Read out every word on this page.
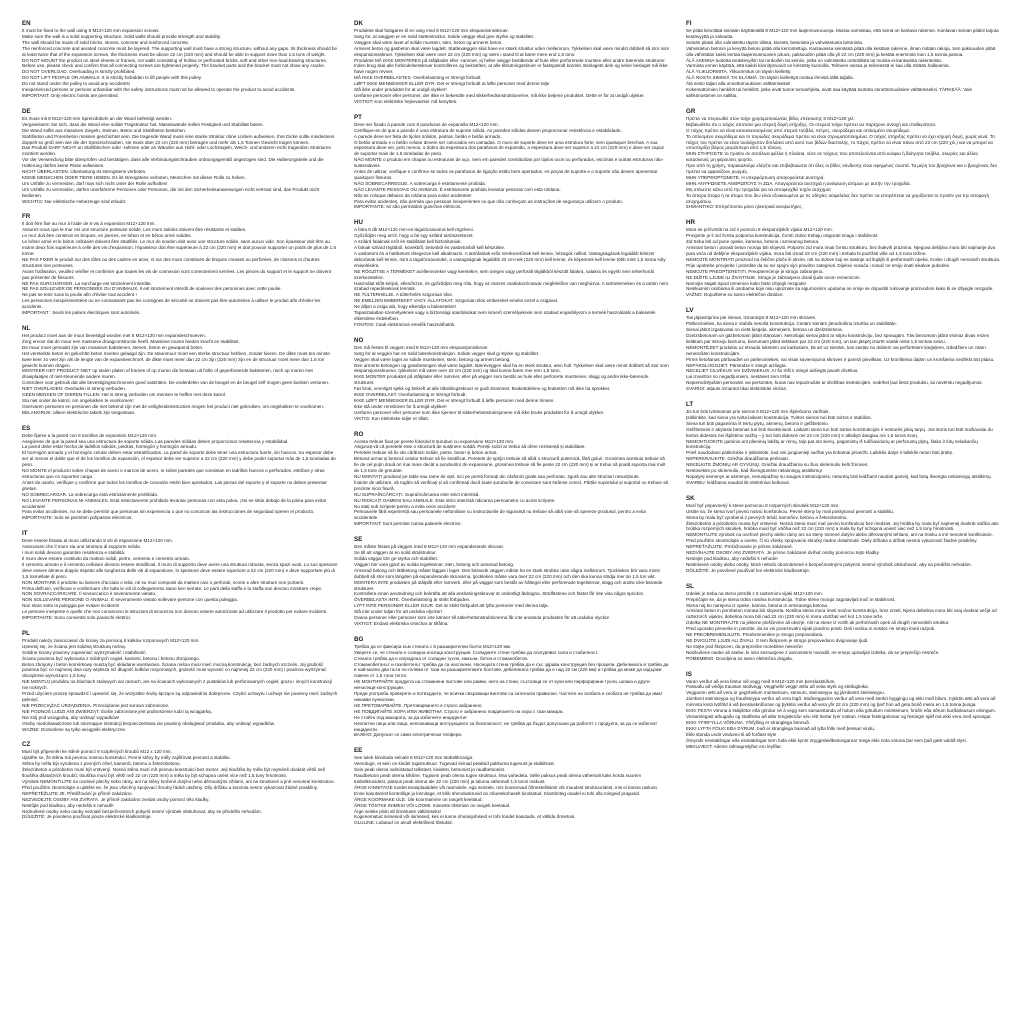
EN
It must be fixed to the wall using 8 M12×120 mm expansion screws.
Make sure the wall is a solid supporting structure. Solid walls should provide strength and stability.
The wall should be made of solid bricks, stones, concrete and reinforced concrete.
The reinforced concrete and aerated concrete must be layered. The supporting wall must have a strong structure, without any gaps. Its thickness should be at least twice that of the expansion screws, the thickness must be above 22 cm (220 mm) and should be able to support more than 1.5 tons of weight.
DO NOT MOUNT the product on steel sheets or frames, nor walls consisting of hollow or perforated bricks, soft and other non-load-bearing structures.
Before use, please check and confirm that all connecting screws are tightened properly. The bracket parts and the bracket must not show any cracks.
DO NOT OVERLOAD. Overloading is strictly prohibited.
DO NOT LIFT PEOPLE OR ANIMALS. It is strictly forbidden to lift people with this pulley.
Do not stand under the pulley to avoid any accidents!
Inexperienced persons or persons unfamiliar with the safety instructions must not be allowed to operate the product to avoid accidents.
IMPORTANT: Only electric hoists are permitted.
DE
Es muss mit 8 M12×120 mm Spreizdübeln an der Wand befestigt werden.
Vergewissern Sie sich, dass die Wand eine solide Tragstruktur hat. Massivwände sollen Festigkeit und Stabilität bieten.
Die Wand sollte aus massiven Ziegeln, Steinen, Beton und Stahlbeton bestehen.
Stahlbeton und Porenbeton müssen geschichtet sein. Die tragende Wand muss eine starke Struktur ohne Lücken aufweisen. Ihre Dicke sollte mindestens doppelt so groß sein wie die der Spreizschrauben, sie muss über 22 cm (220 mm) betragen und mehr als 1,5 Tonnen Gewicht tragen können.
Das Produkt DARF NICHT an Stahlblechen oder -rahmen oder an Wänden aus Hohl- oder Lochziegeln, Weich- und anderen nicht tragenden Strukturen montiert werden.
Vor der Verwendung bitte überprüfen und bestätigen, dass alle Verbindungsschrauben ordnungsgemäß angezogen sind. Die Halterungsteile und die Halterung dürfen keine Risse aufweisen.
NICHT ÜBERLASTEN. Überlastung ist strengstens verboten.
KEINE MENSCHEN ODER TIERE HEBEN. Es ist strengstens verboten, Menschen mit dieser Rolle zu heben.
Um Unfälle zu vermeiden, darf man sich nicht unter der Rolle aufhalten!
Um Unfälle zu vermeiden, dürfen unerfahrene Personen oder Personen, die mit den Sicherheitsanweisungen nicht vertraut sind, das Produkt nicht bedienen.
WICHTIG: Nur elektrische Hebezeuge sind erlaubt.
FR
Il doit être fixé au mur à l'aide de 8 vis à expansion M12×120 mm.
Assurez-vous que le mur est une structure porteuse solide. Les murs solides doivent être résistants et stables.
Le mur doit être construit en briques, en pierres, en béton et en béton armé solides.
Le béton armé et le béton cellulaire doivent être stratifiés. Le mur de soutien doit avoir une structure solide, sans aucun vide. Son épaisseur doit être au moins deux fois supérieure à celle des vis d'expansion, l'épaisseur doit être supérieure à 22 cm (220 mm) et doit pouvoir supporter un poids de plus de 1,5 tonne.
NE PAS FIXER le produit sur des tôles ou des cadres en acier, ni sur des murs constitués de briques creuses ou perforées, de cloisons et d'autres structures non porteuses.
Avant l'utilisation, veuillez vérifier et confirmer que toutes les vis de connexion sont correctement serrées. Les pièces du support et le support ne doivent pas présenter de fissures.
NE PAS SURCHARGER. La surcharge est strictement interdite.
NE PAS SOULEVER DE PERSONNES OU D'ANIMAUX. Il est strictement interdit de soulever des personnes avec cette poulie.
Ne pas se tenir sous la poulie afin d'éviter tout accident !
Les personnes inexpérimentées ou ne connaissant pas les consignes de sécurité ne doivent pas être autorisées à utiliser le produit afin d'éviter les accidents.
IMPORTANT : Seuls les palans électriques sont autorisés.
NL
Het product moet aan de muur bevestigd worden met 8 M12×120 mm expansieschroeven.
Zorg ervoor dat de muur een massieve draagconstructie heeft. Massieve muren bieden kracht en stabiliteit.
De muur moet gemaakt zijn van massieve bakstenen, stenen, beton en gewapend beton.
Het versterkte beton en geluchtte beton moeten gelaagd zijn. De steunmuur moet een sterke structuur hebben, zonder kieren. De dikte moet ten minste twee keer zo veel zijn als de lengte van de expansieschroef, de dikte moet meer dan 22 cm zijn (220 mm) zijn en de structuur moet meer dan 1,5 ton gewicht kunnen dragen.
MONTEER HET PRODUCT NIET op stalen platen of frames of op muren die bestaan uit holle of geperforeerde bakstenen, noch op muren met draaiplaatjes of niet-steunende andere muren.
Controleer voor gebruik dat alle bevestigingsschroeven goed vastzitten. De onderdelen van de beugel en de beugel zelf mogen geen barsten vertonen.
NIET OVERLADEN: Overladen is streng verboden.
GEEN MENSEN OF DIEREN TILLEN. Het is streng verboden om mensen te heffen met deze katrol.
Sta niet onder de katrol, om ongelukken te voorkomen!
Onervaren personen en personen die niet bekend zijn met de veiligheidsinstructies mogen het product niet gebruiken, om ongelukken te voorkomen.
BELANGRIJK: alleen elektrische takels zijn toegestaan.
ES
Debe fijarse a la pared con 8 tornillos de expansión M12×120 mm.
Asegúrese de que la pared sea una estructura de soporte sólida. Las paredes sólidas deben proporcionar resistencia y estabilidad.
La pared debe estar hecha de ladrillos sólidos, piedras, hormigón y hormigón armado.
El hormigón armado y el hormigón celular deben estar estratificados. La pared de soporte debe tener una estructura fuerte, sin huecos. Su espesor debe ser al menos el doble que el de los tornillos de expansión, el espesor debe ser superior a 22 cm (220 mm) y debe poder soportar más de 1,5 toneladas de peso.
NO MONTE el producto sobre chapas de acero o marcos de acero, ni sobre paredes que consistan en ladrillos huecos o perforados, estribos y otras estructuras que no soporten carga.
Antes de usarlo, verifique y confirme que todos los tornillos de conexión estén bien apretados. Las piezas del soporte y el soporte no deben presentar grietas.
NO SOBRECARGAR. La sobrecarga está estrictamente prohibida.
NO LEVANTE PERSONAS NI ANIMALES. Está estrictamente prohibido levantar personas con esta polea. ¡No se sitúe debajo de la polea para evitar accidentes!
Para evitar accidentes, no se debe permitir que personas sin experiencia o que no conozcan las instrucciones de seguridad operen el producto.
IMPORTANTE: Solo se permiten polipastos eléctricos.
IT
Deve essere fissato al muro utilizzando 8 viti di espansione M12×120 mm.
Assicurarsi che il muro sia una struttura di supporto solida.
I muri solidi devono garantire resistenza e stabilità.
Il muro deve essere costituito da mattoni solidi, pietre, cemento e cemento armato.
Il cemento armato e il cemento cellulare devono essere stratificati. Il muro di supporto deve avere una struttura robusta, senza spazi vuoti. Lo suo spessore deve essere almeno doppio rispetto alle lunghezza delle viti di espansione, lo spessore deve essere superiore a 22 cm (220 mm) e deve supportare più di 1,5 tonnellate di peso.
NON MONTARE il prodotto su lamiere d'acciaio o telai, né su muri composti da mattoni cavi o perforati, scorie e altre strutture non portanti.
Prima dell'uso, verificare e confermare che tutte le viti di collegamento siano ben serrate. Le parti della staffa e la staffa non devono mostrare crepe.
NON SOVRACCARICARE. Il sovraccarico è severamente vietato.
NON SOLLEVARE PERSONE O ANIMALI. È severamente vietato sollevare persone con questa puleggia.
Non stare sotto la puleggia per evitare incidenti!
Le persone inesperte e quelle che non conoscono le istruzioni di sicurezza non devono essere autorizzate ad utilizzare il prodotto per evitare incidenti.
IMPORTANTE: Sono consentiti solo paranchi elettrici.
PL
Produkt należy zamocować do ściany za pomocą 8 kołków rozporowych M12×120 mm.
Upewnij się, że ściana jest solidną strukturą nośną.
Solidne ściany powinny zapewniać wytrzymałość i stabilność.
Ściana powinna być wykonana z solidnych cegieł, kamieni, betonu i betonu zbrojonego.
Beton zbrojony i beton komórkowy muszą być układane warstwowo. Ściana nośna musi mieć mocną konstrukcję, bez żadnych szczelin. Jej grubość powinna być co najmniej dwa razy większa niż długość kołków rozporowych, grubość musi wynosić co najmniej 22 cm (220 mm) i powinna wytrzymać obciążenie wynoszące 1,5 tony.
NIE MONTUJ produktu na blachach stalowych ani ramach, ani na ścianach wykonanych z pustaków lub perforowanych cegieł, gruzu i innych konstrukcji nie nośnych.
Przed użyciem proszę sprawdzić i upewnić się, że wszystkie śruby łączące są odpowiednio dokręcone. Części uchwytu i uchwyt nie powinny mieć żadnych pęknięć.
NIE PRZECIĄŻAĆ URZĄDZENIA. Przeciążanie jest surowo zabronione.
NIE PODNOŚ LUDZI ANI ZWIERZĄT. Ściśle zabronione jest podnoszenie ludzi tą wciągarką.
Nie stój pod wciągarką, aby uniknąć wypadków!
Osoby niedoświadczone lub nieznające instrukcji bezpieczeństwa nie powinny obsługiwać produktu, aby uniknąć wypadków.
WAŻNE: Dozwolone są tylko wciągniki elektryczne.
CZ
Musí být připevněn ke stěně pomocí 8 rozpěrných šroubů M12 x 120 mm.
Ujistěte se, že stěna má pevnou nosnou konstrukci. Pevné stěny by měly zajišťovat pevnost a stabilitu.
Stěna by měla být vyrobena z pevných cihel, kamenů, betonu a železobetonu.
Železobeton a pórobeton musí být vrstvený. Nosná stěna musí mít pevnou konstrukci bez mezer. Její tloušťka by měla být nejméně dvakrát větší než tloušťka dilatačních šroubů, tloušťka musí být větší než 22 cm (220 mm) a měla by být schopna unést více než 1,5 tuny hmotnosti.
Výrobek NEMONTUJTE na ocelové plechy nebo rámy, ani na stěny tvořené dutými nebo děrovanými cihlami, ani na struskové a jiné nenosné konstrukce.
Před použitím zkontrolujte a ujistěte se, že jsou všechny spojovací šrouby řádně utaženy. Díly držáku a konzola nesmí vykazovat žádné praskliny.
NEPŘETĚŽUJTE JE. Přetěžování je přísně zakázáno.
NEZVEDEJTE OSOBY ANI ZVÍŘATA. Je přísně zakázáno zvedat osoby pomocí této kladky.
Nestůjte pod kladkou, aby nedošlo k nehodě!
Nezkušené osoby nebo osoby neznalé bezpečnostních pokynů nesmí výrobek obsluhovat, aby se předešlo nehodám.
DŮLEŽITÉ: Je povoleno používat pouze elektrické kladkostroje.
DK
Produktet skal fastgøres til en væg med 8 M12×120 mm ekspansionsskruer.
Sørg for, at væggen er en solid støttestruktur. Solide vægge skal give styrke og stabilitet.
Væggen skal være lavet af solide mursten, sten, beton og armeret beton.
Armeret beton og gasbeton skal være lagdelt. Støttevæggen skal have en stærk struktur uden mellemrum. Tykkelsen skal være mindst dobbelt så stor som ekspansionsskruer. Tykkelsen skal være over 22 cm (220 mm) og være i stand til at bære mere end 1,5 tons.
Produktet MÅ IKKE MONTERES på stålplader eller -rammer, ej heller vægge bestående af hule eller perforerede mursten eller andre bærende strukturer.
Inden brug skal alle forbindelsesskruer kontrolleres og bekræftes, at alle tilslutningsskruer er fastspændt korrekt. Beslagets dele og selve beslaget må ikke have nogen revner.
MÅ IKKE OVERBELASTES. Overbelastning er strengt forbudt.
LØFT IKKE MENNESKER ELLER DYR. Det er strengt forbudt at løfte personer med denne talje.
Stå ikke under produktet for at undgå ulykker!
Uerfarne personer eller personer, der ikke er bekendte med sikkerhedsinstruktionerne, må ikke betjene produktet. Dette er for at undgå ulykker.
VIGTIGT: Kun elektriske hejseværker må benyttes.
PT
Deve ser fixado à parede com 8 parafusos de expansão M12×120 mm.
Certifique-se de que a parede é uma estrutura de suporte sólida. As paredes sólidas devem proporcionar resistência e estabilidade.
A parede deve ser feita de tijolos sólidos, pedras, betão e betão armado.
O betão armado e o betão celular devem ser colocados em camadas. O muro de suporte deve ter uma estrutura forte, sem quaisquer brechas. A sua espessura deve ser, pelo menos, o dobro da espessura dos parafusos de expansão, a espessura deve ser superior a 22 cm (220 mm) e deve ser capaz de suportar mais de 1,5 toneladas de peso.
NÃO MONTE o produto em chapas ou estruturas de aço, nem em paredes constituídas por tijolos ocos ou perfurados, escórias e outras estruturas não-sustentáveis.
Antes de utilizar, verifique e confirme se todos os parafusos de ligação estão bem apertados. As peças de suporte e o suporte não devem apresentar quaisquer fissuras.
NÃO SOBRECARREGUE. A sobrecarga é estritamente proibida.
NÃO LEVANTE PESSOAS OU ANIMAIS. É estritamente proibido levantar pessoas com esta roldana.
Não se coloque debaixo da roldana para evitar acidentes!
Para evitar acidentes, não permita que pessoas inexperientes ou que não conheçam as instruções de segurança utilizem o produto.
IMPORTANTE: só são permitidos guinchos elétricos.
HU
A falra 8 db M12×120 mm-es tágulócsavarral kell rögzíteni.
Győződjön meg arról, hogy a fal egy szilárd tartószerkezet.
A szilárd falaknak erőt és stabilitást kell biztosítaniuk.
A falnak szilárd téglából, kövekből, betonból és vasbetonból kell készülnie.
A vasbetont és a habbetont rétegezve kell alkalmazni. A tartófalnak erős szerkezetűnek kell lennie, hézagok nélkül. Vastagságának legalább kétszer akkorának kell lennie, mint a tágulócsavaroké, a vastagságnak legalább 22 cm-nek (220 mm) kell lennie, és képesnek kell lennie több mint 1,5 tonna súly elviselésére.
NE RÖGZÍTSE A TERMÉKET acéllemezekre vagy keretekre, sem üreges vagy perforált téglákból készült falakra, salakra és egyéb nem teherhordó szerkezetekre.
Használat előtt kérjük, ellenőrizze, és győződjön meg róla, hogy az összes csatlakozócsavar megfelelően van meghúzva. A tartóelemeken és a tartón nem szabad repedéseknek lenniük.
NE TÚLTERHELJE. A túlterhelés szigorúan tilos.
NE EMELJEN EMBEREKET VAGY ÁLLATOKAT. Szigorúan tilos embereket emelni ezzel a csigával.
Ne álljon a csiga alá, hogy elkerülje a baleseteket!
Tapasztalatlan személyeknek vagy a biztonsági utasításokat nem ismerő személyeknek nem szabad engedélyezni a termék használatát a balesetek elkerülése érdekében.
FONTOS: Csak elektromos emelők használhatók.
NO
Den må festes til veggen med 8 M12×120 mm ekspansjonsskruer.
Sørg for at veggen har en solid bærekonstruksjon. Solide vegger skal gi styrke og stabilitet.
Veggen skal være laget av solide mursteiner, stein, betong og armert betong.
Den armerte betongen og gassbetongen skal være lagdelt. Bæreveggen skal ha en sterk struktur, uten hull. Tykkelsen skal være minst dobbelt så stor som ekspansjonsskruene, tykkelsen må være over 22 cm (220 mm) og skal kunne bære mer enn 1,5 tonn.
IKKE MONTER produktet på stålplater eller rammer, eller på vegger som består av hule eller perforerte mursteiner, slagg og andre ikke-bærende strukturer.
Før bruk, vennligst sjekk og bekreft at alle tilkoblingsskruer er godt strammet. Brakettdelene og braketten må ikke ha sprekker.
IKKE OVERBELAST. Overbelastning er strengt forbudt.
IKKE LØFT MENNESKER ELLER DYR. Det er strengt forbudt å løfte personer med denne trinsen.
Ikke stå under remskiven for å unngå ulykker!
Uerfarne personer eller personer som ikke kjenner til sikkerhetsinstruksjonene må ikke bruke produktet for å unngå ulykker.
VIKTIG: Kun elektriske taljer er tillatt.
RO
Acesta trebuie fixat pe perete folosind 8 șuruburi cu expansiune M12×120 mm.
Asigurați-vă că peretele este o structură de susținere solidă. Pereții solizi ar trebui să ofere rezistență și stabilitate.
Peretele trebuie să fie din cărămizi solide, pietre, beton și beton armat.
Betonul armat și betonul celular trebuie să fie stratificat. Peretele de sprijin trebuie să aibă o structură puternică, fără goluri. Grosimea acestuia trebuie să fie de cel puțin două ori mai mare decât a șuruburilor de expansiune, grosimea trebuie să fie peste 22 cm (220 mm) și ar trebui să poată suporta mai mult de 1,5 tone de greutate.
NU MONTAȚI produsul pe table sau rame de oțel, nici pe pereți formați din cărămizi goale sau perforate, zgură sau alte structuri nesusținute.
Înainte de utilizare, vă rugăm să verificați și să confirmați dacă toate șuruburile de conectare sunt strânse corect. Părțile suportului și suportul nu trebuie să prezinte nicio fisură.
NU SUPRAÎNCĂRCAȚI. Supraîncărcarea este strict interzisă.
NU RIDICAȚI OAMENI SAU ANIMALE. Este strict interzisă ridicarea persoanelor cu acest scripete.
Nu stați sub scripete pentru a evita orice accident!
Persoanele fără experiență sau persoanele nefamiliare cu instrucțiunile de siguranță nu trebuie să aibă voie să opereze produsul, pentru a evita accidentele.
IMPORTANT: Sunt permise numai palanele electrice.
SE
Den måste fästas på väggen med 8 M12×120 mm expanderande skruvar.
Se till att väggen är en solid stödstruktur.
Solida väggar bör ge styrka och stabilitet.
Väggen bör vara gjord av solida tegelstenar, sten, betong och armerad betong.
Armerad betong och lättbetong måste läggas i lager. Den bärande väggen måste ha en stark struktur utan några mellanrum. Tjockleken bör vara minst dubbelt så stor som längden på expanderande skruvarna, tjockleken måste vara över 22 cm (220 mm) och den ska kunna stödja mer än 1,5 ton vikt.
MONTERA INTE produkten på stålplåt eller ramverk, eller på väggar som består av håltegel eller perforerade tegelstenar, slagg och andra icke-bärande strukturer.
Kontrollera innan användning och bekräfta att alla anslutningsskruvar är ordentligt åtdragna. Stödfästena och fästet får inte visa några sprickor.
ÖVERBELASTA INTE. Överbelastning är strikt förbjuden.
LYFT INTE PERSONER ELLER DJUR. Det är strikt förbjudet att lyfta personer med denna talja.
Stå inte under taljan för att undvika olyckor!
Ovana personer eller personer som inte känner till säkerhetsinstruktionerna får inte använda produkten för att undvika olyckor.
VIKTIGT: Endast elektriska vinschar är tillåtna.
BG
Трябва да се фиксира към стената с 8 разширителни болта M12×120 мм.
Уверете се, че стената е солидна носеща конструкция. Солидните стени трябва да осигуряват сила и стабилност.
Стената трябва да е изградена от солидни тухли, камъни, бетон и стоманобетон.
Стоманобетонът и газобетонът трябва да са наслоени. Носещата стена трябва да е със здрава конструкция без процепи. Дебелината ѝ трябва да е най-малко два пъти по-голяма от тази на разширителните болтове, дебелината трябва да е над 22 см (220 мм) и трябва да може да издържи повече от 1,5 тона тегло.
НЕ МОНТИРАЙТЕ продукта на стоманени листове или рамки, нито на стени, състоящи се от кухи или перфорирани тухли, шлака и други неносещи конструкции.
Преди употреба проверете и потвърдете, че всички свързващи винтове са затегнати правилно. Частите на скобата и скобата не трябва да имат никакви пукнатини.
НЕ ПРЕТОВАРВАЙТЕ. Претоварването е строго забранено.
НЕ ПОВДИГАЙТЕ ХОРА ИЛИ ЖИВОТНИ. Строго е забранено повдигането на хора с тази макара.
Не стойте под макарата, за да избегнете инциденти!
Неопитни лица или лица, непознаващи инструкциите за безопасност, не трябва да бъдат допускани да работят с продукта, за да се избегнат инциденти.
ВАЖНО: Допускат се само електрически телфери.
EE
See tuleb kinnitada seinale 8 M12×120 mm tüübeltkruviga.
Veenduge, et sein on kindel tugistruktuur. Tugevad seinad peaksid pakkuma tugevust ja stabiilsust.
Sein peab olema valmistatud tellistest, kividest, betoonist ja raudbetoonist.
Raudbetoon peab olema kihiline. Tugisein peab olema tugev struktuur, ilma vahedeta. Selle paksus peab olema vähemalt kaks korda suurem tüübelkruvidest, paksus peab olema üle 22 cm (220 mm) ja taluma vähemalt 1,5 tonni raskust.
ÄRGE KINNITAGE toodet terasplaatidele või raamidele, ega seintele, mis koosnevad õõnestellistest või muudest struktuuridest, mis ei kanna raskust.
Enne kasutamist kontrollige ja kinnitage, et kõik ühenduskruvid on nõuetekohaselt kinnitatud. Klambriteg osadel ei tohi olla mingeid pragusid.
ÄRGE KOORMAKE ÜLE. Üle koormamine on rangelt keelatud.
ÄRGE TÕSTKE INIMESI VÕI LOOMI. Inimeste tõstmine on rangelt keelatud.
Ärge seiske ploki all õnnetuste vältimiseks!
Kogenematud inimesed või inimesed, kes ei tunne ohutusjuhiseid ei tohi toodet kasutada, et vältida õnnetusi.
OLULINE: Lubatud on ainult elektrilised tõstukid.
FI
Se pitää kiinnittää seinään käyttämällä 8 M12×120 mm laajennusruuveja. Muista varmistaa, että seinä on kantava rakenne. Kantavan seinän pitäisi tarjota kestävyyttä ja vakautta.
Seinän pitäisi olla valmistettu täysin tiilistä, kivestä, betonista ja vahvistetusta betonista.
Vahvistetun betonin ja kevyttä betoni pitää olla kerrostettuja. Kantavassa seinässä pitää olla kestävä rakenne, ilman mitään rakoja. Sen paksuuden pitää olla vähintään kaksi kertaa laajennusruuvien pituus, paksuuden pitää olla yli 22 cm (220 mm) ja kestää enemmän kuin 1,5 tonnia painoa.
ÄLÄ ASENNA tuotetta teräslevyihin tai runkoihin tai seiniin, jotka on valmistettu onttotiilistä tai muista ei-kantavista rakenteista.
Varmista ennen käyttöä, että kaikki kiinnitysruuvit on kiristetty kunnolla. Telineen osissa ja telineessä ei saa olla mitään halkeamia.
ÄLÄ YLIKUORMITA. Ylikuormitus on täysin kielletty.
ÄLÄ NOSTA IHMISIÄ TAI ELÄIMIÄ. On täysin kiellettyä nostaa ihmisiä tällä taljalla.
Älä seiso taljan alla onnettomuuksien välttämiseksi!
Kokemattomien henkilöt tai henkilöt, jotka eivät tunne turvaohjeita, eivät saa käyttää tuotetta onnettomuuksien välttämiseksi. TÄRKEÄÄ: Vain sähkönostimet on sallittu.
GR
Πρέπει να στερεωθεί στον τοίχο χρησιμοποιώντας βίδες επέκτασης 8 M12×120 χιλ.
Βεβαιωθείτε ότι ο τοίχος αποτελεί μια στερεή δομή στήριξης. Οι στερεοί τοίχοι πρέπει να παρέχουν αντοχή και σταθερότητα.
Ο τοίχος πρέπει να είναι κατασκευασμένος από στερεά τούβλα, πέτρες, σκυρόδεμα και οπλισμένο σκυρόδεμα.
Το οπλισμένο σκυρόδεμα και το πορώδες σκυρόδεμα πρέπει να είναι στρωματοποιημένα. Ο τοίχος στήριξης πρέπει να έχει ισχυρή δομή, χωρίς κενά. Το πάχος του πρέπει να είναι τουλάχιστον διπλάσιο από αυτό των βιδών διαστολής, το πάχος πρέπει να είναι πάνω από 22 cm (220 χιλ.) και να μπορεί να υποστηρίξει βάρος μεγαλύτερο από 1,5 τόνους.
ΜΗΝ ΣΤΗΡΙΞΕΤΕ το προϊόν σε ατσάλινα φύλλα ή πλαίσια, ούτε σε τοίχους που αποτελούνται από κούφια ή διάτρητα τούβλα, σκωρίες και άλλες κατασκευές μη φέρουσες φορτίο.
Πριν από τη χρήση, παρακαλούμε ελέγξτε και επιβεβαιώστε ότι όλες οι βίδες σύνδεσης είναι σφιγμένες σωστά. Τα μέρη του βραχίονα και ο βραχίονας δεν πρέπει να εμφανίζουν ρωγμές.
ΜΗΝ ΥΠΕΡΦΟΡΤΩΝΕΤΕ. Η υπερφόρτωση απαγορεύεται αυστηρά.
ΜΗΝ ΑΝΥΨΩΝΕΤΕ ΑΝΘΡΩΠΟΥΣ Ή ΖΩΑ. Απαγορεύεται αυστηρά η ανύψωση ατόμων με αυτήν την τροχαλία.
Μη στέκεστε κάτω από την τροχαλία για να αποφευχθεί τυχόν ατύχημα!
Τα άπειρα άτομα ή τα άτομα που δεν είναι εξοικειωμένα με τις οδηγίες ασφαλείας δεν πρέπει να επιτρέπεται να χειρίζονται το προϊόν για την αποφυγή ατυχημάτων.
ΣΗΜΑΝΤΙΚΟ: Επιτρέπονται μόνο ηλεκτρικά ανυψωτήρες.
HR
Mora se pričvrstiti na zid s pomoću 8 ekspanzijskih vijaka M12×120 mm.
Provjerite je li zid čvrsta potporna konstrukcija. Čvrsti zidovi trebaju osigurati snagu i stabilnost.
Zid treba biti od pune opeke, kamena, betona i armiranog betona.
Armirani beton i porasti beton moraju biti slojeviti. Potporni zid mora imati čvrstu strukturu, bez ikakvih praznina. Njegova debljina mora biti najmanje dva puta veća od debljine ekspanzijskih vijaka, mora biti iznad 22 cm (220 mm) i trebala bi podržati više od 1,5 tona težine.
NEMOJTE MONTIRATI proizvod na čelične ploče ili okvire, niti na zidove koji se sastoje od šupljih ili perforiranih opeka, troske i drugih nenosivih struktura.
Prije upotrebe provjerite i potvrdite da su svi spojni vijci pravilno zategnuti. Dijelovi nosača i nosač ne smiju imati nikakve pukotine.
NEMOJTE PREOPTERETITI. Preopterećenje je strogo zabranjeno.
NE DIŽITE LJUDE ILI ŽIVOTINJE. Strogo je zabranjeno dizati ljude ovom remenicom.
Nemojte stajati ispod remenice kako biste izbjegli nezgode!
Neiskusnim osobama ili osobama koje nisu upoznate sa sigurnosnim uputama ne smije se dopustiti rukovanje proizvodom kako bi se izbjegle nezgode.
VAŽNO: Dopuštene su samo električne dizalice.
LV
Tas jāpiestiprina pie sienas, izmantojot 8 M12×120 mm skrūves.
Pārliecinieties, ka siena ir stabila nesošā konstrukcija. Cietām sienām jānodrošina izturība un stabilitāte.
Sienai jābūt izgatavotai no cietā ķieģeļa, akmeņiem, betona un dzelzsbetona.
Dzelzsbetonam un gāzbetonam jābūt slāņotam. Nesošajai sienai jābūt ar stipru konstrukciju, bez spraugām. Tās biezumam jābūt vismaz divas reizes lielākam par skrūvju biezumu, biezumam jābūt lielākam par 22 cm (220 mm), un tam jāspēj izturēt vairāk nekā 1,5 tonnas svaru.
NEMONTĒJIET produktu uz tērauda loksnēm vai karkasiem, kā arī uz sienām, kas sastāv no dobiem vai perforētiem ķieģeļiem, izdedžiem un citām nenesošām konstrukcijām.
Pirms lietošanas pārbaudiet un pārliecinieties, vai visas savienojuma skrūves ir pareizi pievilktas. Uz kronšteina daļām un kronšteina nedrīkst būt plaisu.
NEPĀRSLOGOJIET. Pārslodze ir stingri aizliegta.
NECELIET CILVĒKUS VAI DZĪVNIEKUS. Ar šo trīši ir stingri aizliegts pacelt cilvēkus.
Lai izvairītos no negadījumiem, nestāviet zem trīša!
Nepieredzējušām personām vai personām, kuras nav iepazinušās ar drošības instrukcijām, nedrīkst ļaut lietot produktu, lai novērstu negadījumus.
SVARĪGI: atļauts izmantot tikai elektriskās vinčas.
LT
Jis turi būti tvirtinamas prie sienos 8 M12×120 mm išplečiamo varžtais.
Įsitikinkite, kad siena yra tvirta laikanti konstrukcija. Tvirtos sienos turi būti tvirtos ir stabilios.
Siena turi būti pagaminta iš tvirtų plytų, akmenų, betono ir gelžbetonio.
Gelžbetonis ir akytasis betonas turi būti sluoksniuoti. Laikanti siena turi būti tvirtos konstrukcijos ir nenturėti jokių tarpų. Jos storis turi būti mažiausiai du kartus didesnis nei išplėtimo varžtų – ji turi būti didesnė nei 22 cm (220 mm) ir atlaikyti daugiau nei 1,5 tonos svorį.
NEMONTUOKITE gaminio ant plieninių lakštų ar rėmų, taip pat ant sienų, pagamintų iš tuščiavidurių ar perforuotų plytų, šlako ir kitų nelaikančių konstrukcijų.
Prieš naudodami patikrinkite ir įsitikinkite, kad visi jungiamieji varžtai yra tinkamai priveržti. Laikiklio dalys ir laikiklis neturi būti įtrūkę.
NEPERKRAUKITE. Griežtai draudžiama perkrauti.
NEKELKITE ŽMONIŲ AR GYVŪNŲ. Griežtai draudžiama su šiuo skriemuliu kelti žmones.
Nestovėkite po skriemuliu, kad išvengtumėte nelaimingų atsitikimų!
Nepatyrę asmenys ar asmenys, nesusipažinę su saugos instrukcijomis, neturėtų būti leidžiami naudoti gaminį, kad būtų išvengta nelaimingų atsitikimų.
SVARBU: leidžiama naudoti tik elektrinius keltuvus.
SK
Musí byť pripevnený k stene pomocou 8 rozperných skrutiek M12×120 mm.
Uistite sa, že stena tvorí pevnú nosnú konštrukciu. Pevné steny by mali poskytovať pevnosť a stabilitu.
Stena by mala byť vyrobená z pevných tehál, kameňov, betónu a železobetónu.
Železobetón a pórobetón musia byť vrstvené. Nosná stena musí mať pevnú konštrukciu bez medzier. Jej hrúbka by mala byť najmenej dvakrát väčšia ako hrúbka rozperných skrutiek, hrúbka musí byť väčšia než 22 cm (220 mm) a mala by byť schopná uniesť viac než 1,5 tony hmotnosti.
NEMONTUJTE výrobok na oceľové plechy alebo rámy ani na steny tvorené dutými alebo děrovanými tehlami, ani na trosku a iné nenosné konštrukcie.
Pred použitím skontrolujte a overte, či sú všetky spojovacie skrutky riadne dotiahnuté. Diely držiaka a držiak nesmú vykazovať žiadne praskliny.
NEPREŤAŽUJTE. Preťažovanie je prísne zakázané.
NEDVÍHAJTE OSOBY ANI ZVIERATÁ. Je prísne zakázané dvíhať osoby pomocou tejto kladky.
Nestojte pod kladkou, aby nedošlo k nehode!
Neskúsené osoby alebo osoby, ktoré nebolú oboznámené s bezpečnostnými pokynmi nesmú výrobok obsluhovať, aby sa predišlo nehodám.
DÔLEŽITÉ: Je povolené používať len elektrické kladkostroje.
SL
Izdelek je treba na steno pritrditi z 8 razteznimi vijaki M12×120 mm.
Prepričajte se, da je stena trdna nosilna konstrukcija. Trdne stene morajo zagotavljati moč in stabilnost.
Stena naj bo narejena iz opeke, kamna, betona in armiranega betona.
Armirani beton in porobeton morata biti slojevita. Nosilna stena mora imeti močno konstrukcijo, brez vrzeli. Njena debelina mora biti vsaj dvakrat večja od raztezních vijakov, debelina mora biti nad 22 cm (220 mm) in mora vzdržati več kot 1,5 tone teže.
Izdelka NE MONTIRAJTE na jeklene ploščevine ali okvirje, niti na stene iz votlih ali perforiranih opek ali drugih nenosilnih struktur.
Pred uporabo preverite in potrdite, da so vsi povezovalni vijaki pravilno priviti. Deli nosilca in nosilec ne smejo imeti razpok.
NE PREOBREMENJUJTE. Preobremenitev je strogo prepovedana.
NE DVIGUJTE LJUDI ALI ŽIVALI. S tem škripcem je strogo prepovedano dvigovanje ljudi.
Ne stojte pod škripcem, da preprečite morebitne nesreče!
Neizkušene osebe ali osebe, ki niso seznanjene z varnostnimi navodili, ne smejo upravljati izdelka, da se preprečijo nesreče.
POMEMBNO: Dovoljena so samo električna dvigala.
IS
Varan verður að vera festur við vegg með 8 M12×120 mm þenslusktúfum.
Passaðu að veiðja traustan stoðvegg. Vegghellir veggir ættu að veita styrk og stöðugleika.
Veggurinn ætti að vera úr gegnheilum múrsteinum, steinum, steinsteypu og járnbentri steinsteypu.
Járnbent steinsteypa og frauðsteypa verður að vera lögð. Stoðveggurinn verður að vera með sterkri byggingu og ekki með bilum. Þykktin ætti að vera að minnsta kosti tvöföld á við þensluskrúfurnar og þykktin verður að vera yfir 22 cm (220 mm) og þarf hún að geta borið meira en 1,5 tonna þunga.
EKKI FESTA vöruna á stálplötur eða grindur né á vegg sem samanstanda af holum eða götuðum múrsteinum, hrúðri eða öðrum burðarlausum einingum.
Vinsamlegast athugaðu og staðfestu að allar tengiskrúfur séu rétt hertar fyrir notkun. Hlutar festingarinnar og festingin sjálf má ekki vera með sprungur.
EKKI YFIRFYLLA VÖRUNA. Yfirfylling er stranglega bönnuð.
EKKI LYFTA FÓLKI EÐA DÝRUM. Það er stranglega bannað að lyfta fólki með þessari vindu.
Ekki standa undir vindunni til að forðast slys!
Óreyndir einstaklingar eða einstaklingar sem hafa ekki kynnt öryggisleiðbeiningarnar mega ekki nota vöruna þar sem það gæti valdið slysi.
MIKILVÆGT: Aðeins rafmagnslyftur eru leyfðar.
